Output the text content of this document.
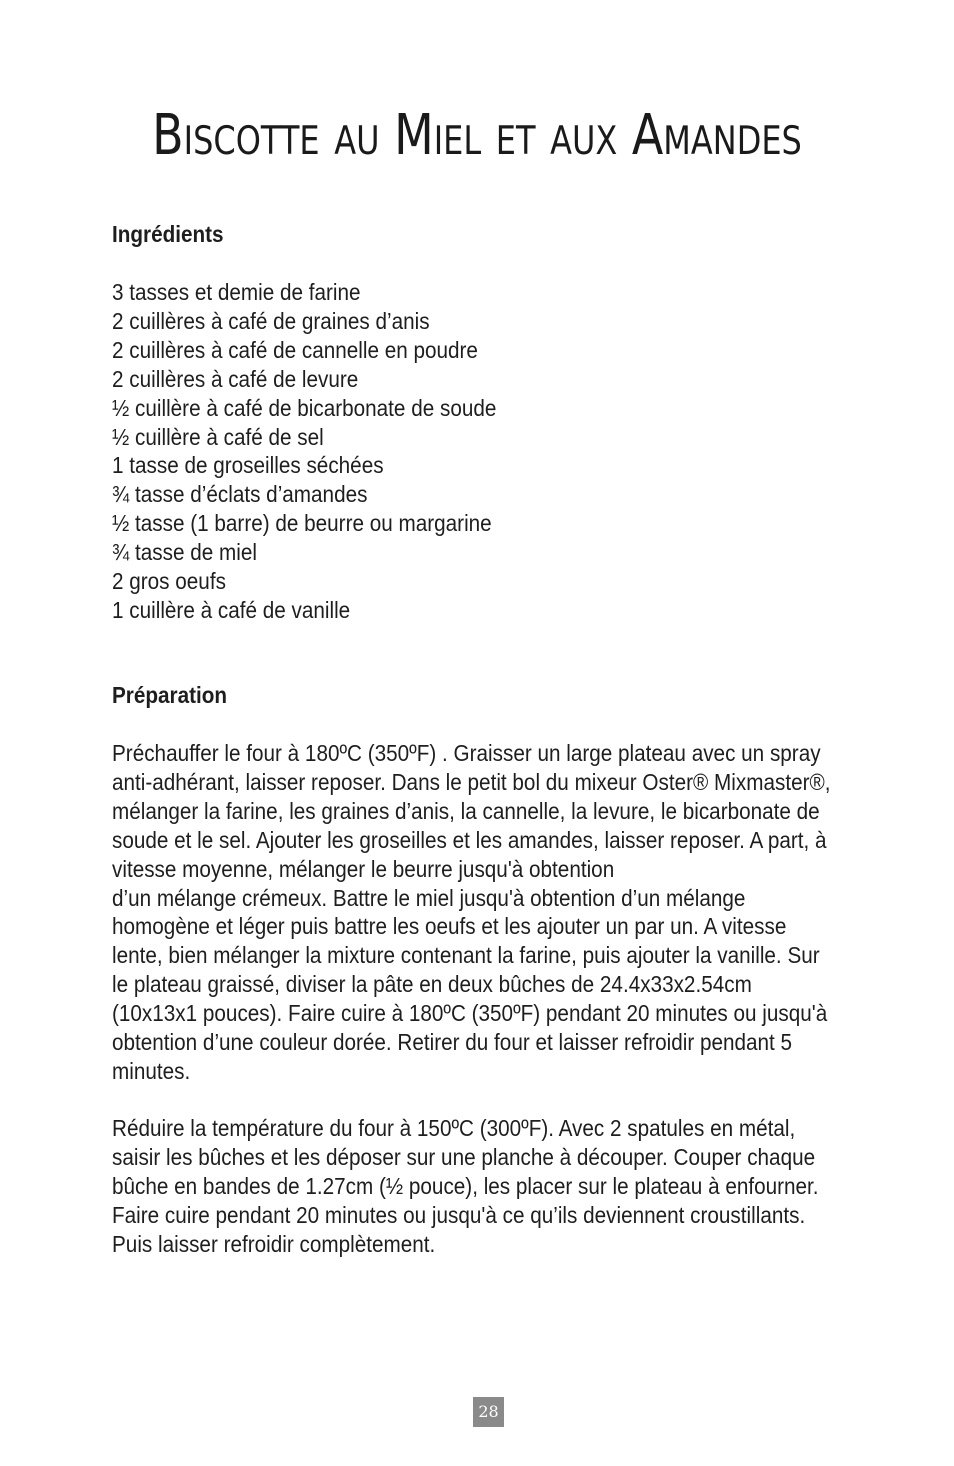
Biscotte au Miel et aux Amandes
Ingrédients
3 tasses et demie de farine
2 cuillères à café de graines d’anis
2 cuillères à café de cannelle en poudre
2 cuillères à café de levure
½ cuillère à café de bicarbonate de soude
½ cuillère à café de sel
1 tasse de groseilles séchées
¾ tasse d’éclats d’amandes
½ tasse (1 barre) de beurre ou margarine
¾ tasse de miel
2 gros oeufs
1 cuillère à café de vanille
Préparation
Préchauffer le four à 180ºC (350ºF) . Graisser un large plateau avec un spray
anti-adhérant, laisser reposer. Dans le petit bol du mixeur Oster® Mixmaster®,
mélanger la farine, les graines d’anis, la cannelle, la levure, le bicarbonate de
soude et le sel. Ajouter les groseilles et les amandes, laisser reposer. A part, à
vitesse moyenne, mélanger le beurre jusqu'à obtention
d’un mélange crémeux. Battre le miel jusqu'à obtention d’un mélange
homogène et léger puis battre les oeufs et les ajouter un par un. A vitesse
lente, bien mélanger la mixture contenant la farine, puis ajouter la vanille. Sur
le plateau graissé, diviser la pâte en deux bûches de 24.4x33x2.54cm
(10x13x1 pouces). Faire cuire à 180ºC (350ºF) pendant 20 minutes ou jusqu'à
obtention d’une couleur dorée. Retirer du four et laisser refroidir pendant 5
minutes.
Réduire la température du four à 150ºC (300ºF). Avec 2 spatules en métal,
saisir les bûches et les déposer sur une planche à découper. Couper chaque
bûche en bandes de 1.27cm (½ pouce), les placer sur le plateau à enfourner.
Faire cuire pendant 20 minutes ou jusqu'à ce qu’ils deviennent croustillants.
Puis laisser refroidir complètement.
28
